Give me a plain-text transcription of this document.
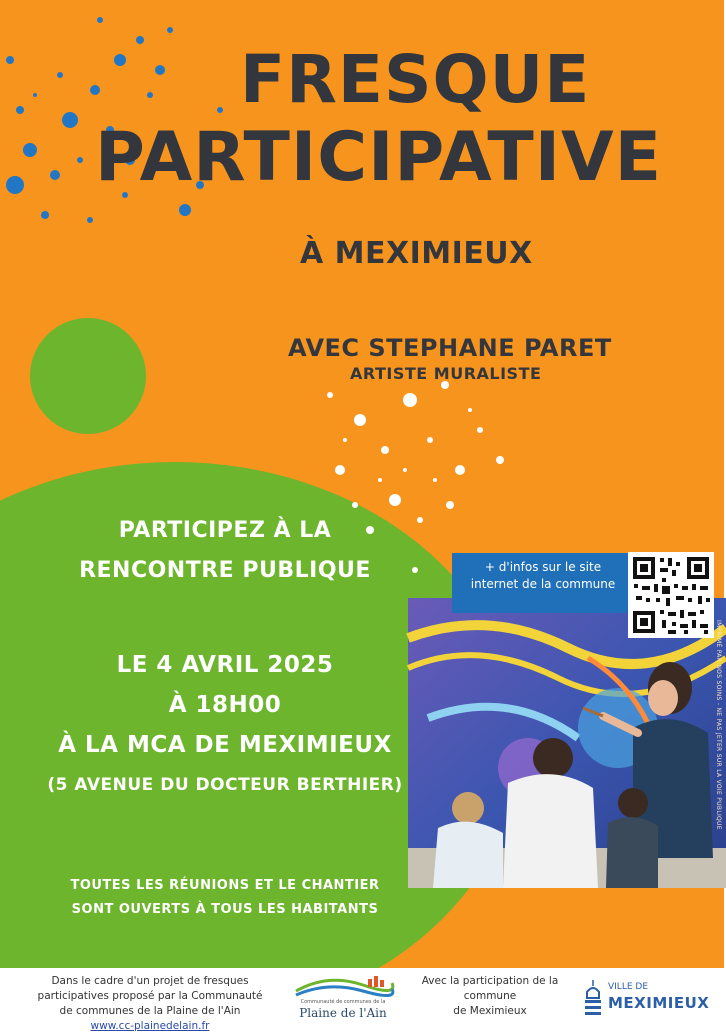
FRESQUE
PARTICIPATIVE
À MEXIMIEUX
AVEC STEPHANE PARET
ARTISTE MURALISTE
PARTICIPEZ À LA
RENCONTRE PUBLIQUE
LE 4 AVRIL 2025
À 18H00
À LA MCA DE MEXIMIEUX
(5 AVENUE DU DOCTEUR BERTHIER)
TOUTES LES RÉUNIONS ET LE CHANTIER
SONT OUVERTS À TOUS LES HABITANTS
+ d'infos sur le site
internet de la commune
IMPRIMÉ PAR NOS SOINS - NE PAS JETER SUR LA VOIE PUBLIQUE
Dans le cadre d'un projet de fresques
participatives proposé par la Communauté
de communes de la Plaine de l'Ain
www.cc-plainedelain.fr
Communauté de communes de la
Plaine de l'Ain
Avec la participation de la
commune
de Meximieux
VILLE DE
MEXIMIEUX
